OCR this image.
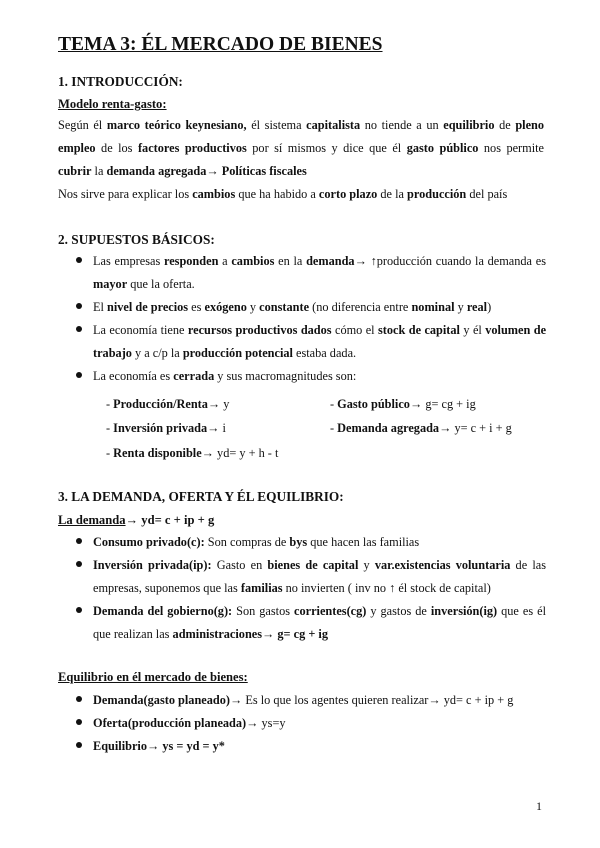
TEMA 3: ÉL MERCADO DE BIENES
1. INTRODUCCIÓN:

Modelo renta-gasto:

Según él marco teórico keynesiano, él sistema capitalista no tiende a un equilibrio de pleno empleo de los factores productivos por sí mismos y dice que él gasto público nos permite cubrir la demanda agregada→ Políticas fiscales

Nos sirve para explicar los cambios que ha habido a corto plazo de la producción del país

2. SUPUESTOS BÁSICOS:

Las empresas responden a cambios en la demanda→ ↑producción cuando la demanda es mayor que la oferta.

El nivel de precios es exógeno y constante (no diferencia entre nominal y real)

La economía tiene recursos productivos dados cómo el stock de capital y él volumen de trabajo y a c/p la producción potencial estaba dada.

La economía es cerrada y sus macromagnitudes son:

- Producción/Renta→ y	- Gasto público→ g= cg + ig

- Inversión privada→ i	- Demanda agregada→ y= c + i + g

- Renta disponible→ yd= y + h - t

3. LA DEMANDA, OFERTA Y ÉL EQUILIBRIO:

La demanda→ yd= c + ip + g

Consumo privado(c): Son compras de bys que hacen las familias

Inversión privada(ip): Gasto en bienes de capital y var.existencias voluntaria de las empresas, suponemos que las familias no invierten ( inv no ↑ él stock de capital)

Demanda del gobierno(g): Son gastos corrientes(cg) y gastos de inversión(ig) que es él que realizan las administraciones→ g= cg + ig

Equilibrio en él mercado de bienes:

Demanda(gasto planeado)→ Es lo que los agentes quieren realizar→ yd= c + ip + g

Oferta(producción planeada)→ ys=y

Equilibrio→ ys = yd = y*

1
